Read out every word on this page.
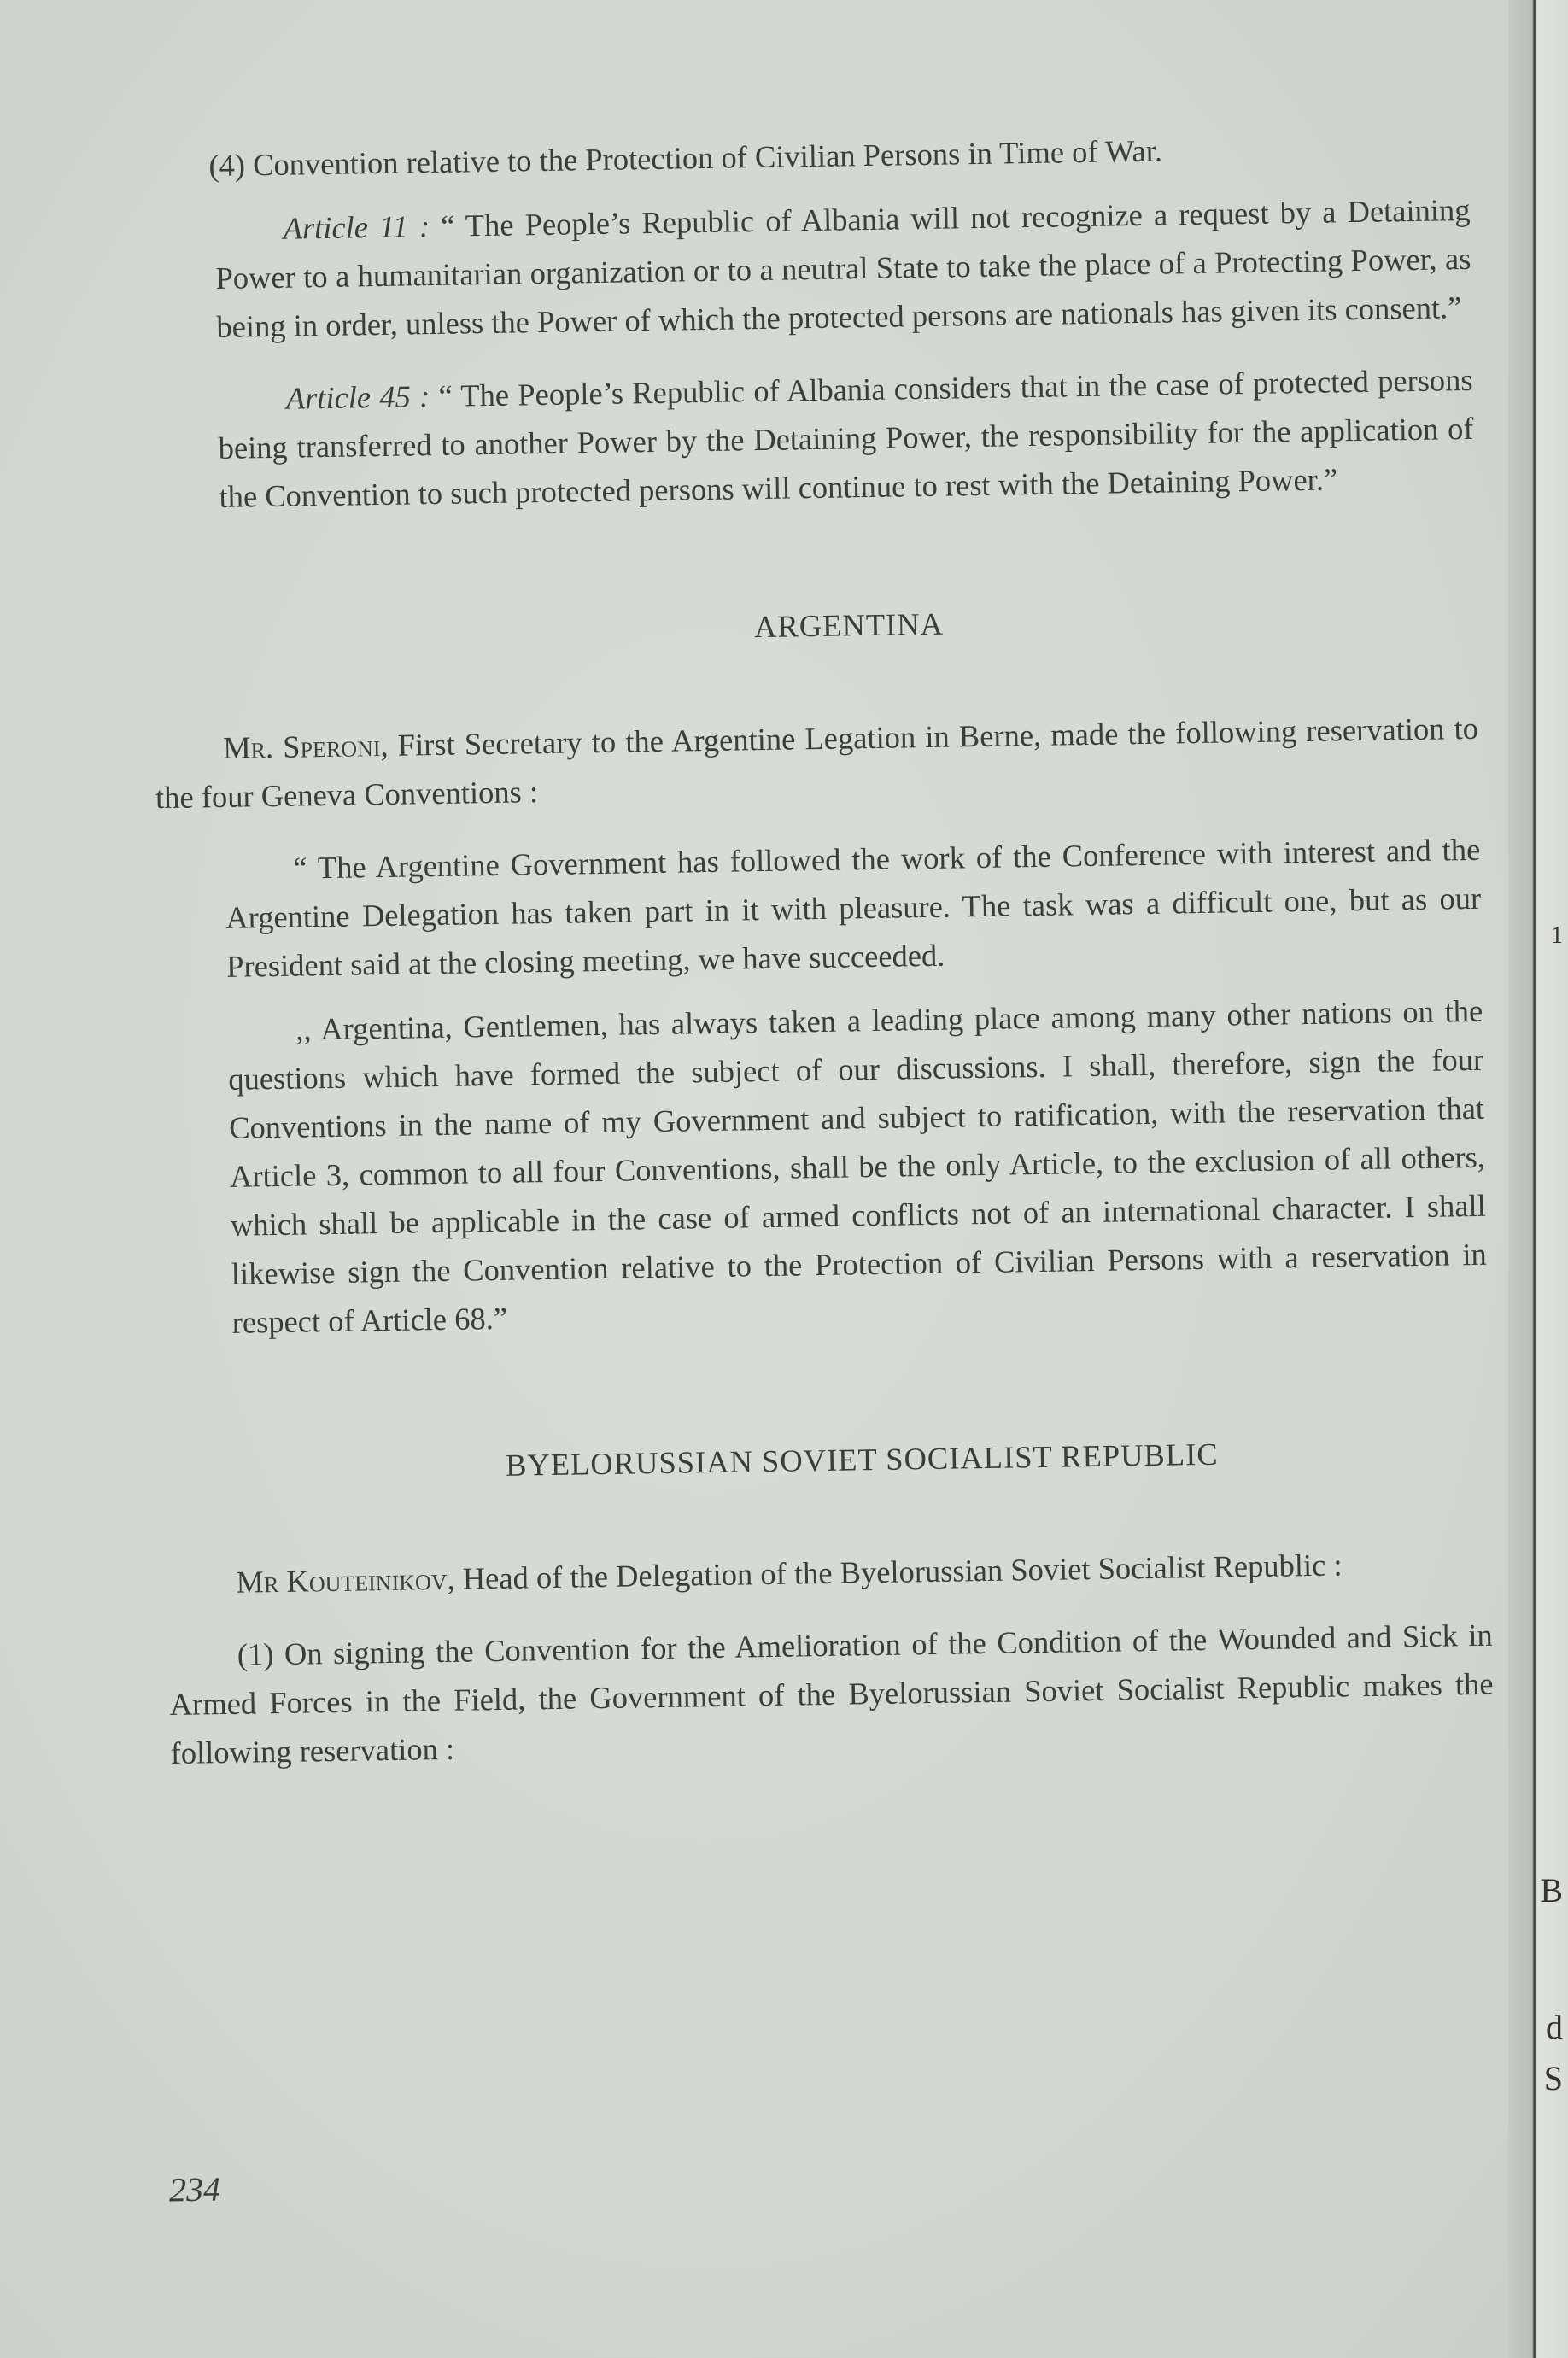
(4) Convention relative to the Protection of Civilian Persons in Time of War.

Article 11 : “ The People’s Republic of Albania will not recognize a request by a Detaining Power to a humanitarian organization or to a neutral State to take the place of a Protecting Power, as being in order, unless the Power of which the protected persons are nationals has given its consent.”

Article 45 : “ The People’s Republic of Albania considers that in the case of protected persons being transferred to another Power by the Detaining Power, the responsibility for the application of the Convention to such protected persons will continue to rest with the Detaining Power.”

ARGENTINA

Mr. Speroni, First Secretary to the Argentine Legation in Berne, made the following reservation to the four Geneva Conventions :

“ The Argentine Government has followed the work of the Conference with interest and the Argentine Delegation has taken part in it with pleasure. The task was a difficult one, but as our President said at the closing meeting, we have succeeded.

,, Argentina, Gentlemen, has always taken a leading place among many other nations on the questions which have formed the subject of our discussions. I shall, therefore, sign the four Conventions in the name of my Government and subject to ratification, with the reservation that Article 3, common to all four Conventions, shall be the only Article, to the exclusion of all others, which shall be applicable in the case of armed conflicts not of an international character. I shall likewise sign the Convention relative to the Protection of Civilian Persons with a reservation in respect of Article 68.”

BYELORUSSIAN SOVIET SOCIALIST REPUBLIC

Mr Kouteinikov, Head of the Delegation of the Byelorussian Soviet Socialist Republic :

(1) On signing the Convention for the Amelioration of the Condition of the Wounded and Sick in Armed Forces in the Field, the Government of the Byelorussian Soviet Socialist Republic makes the following reservation :

234
1
B
d
S
